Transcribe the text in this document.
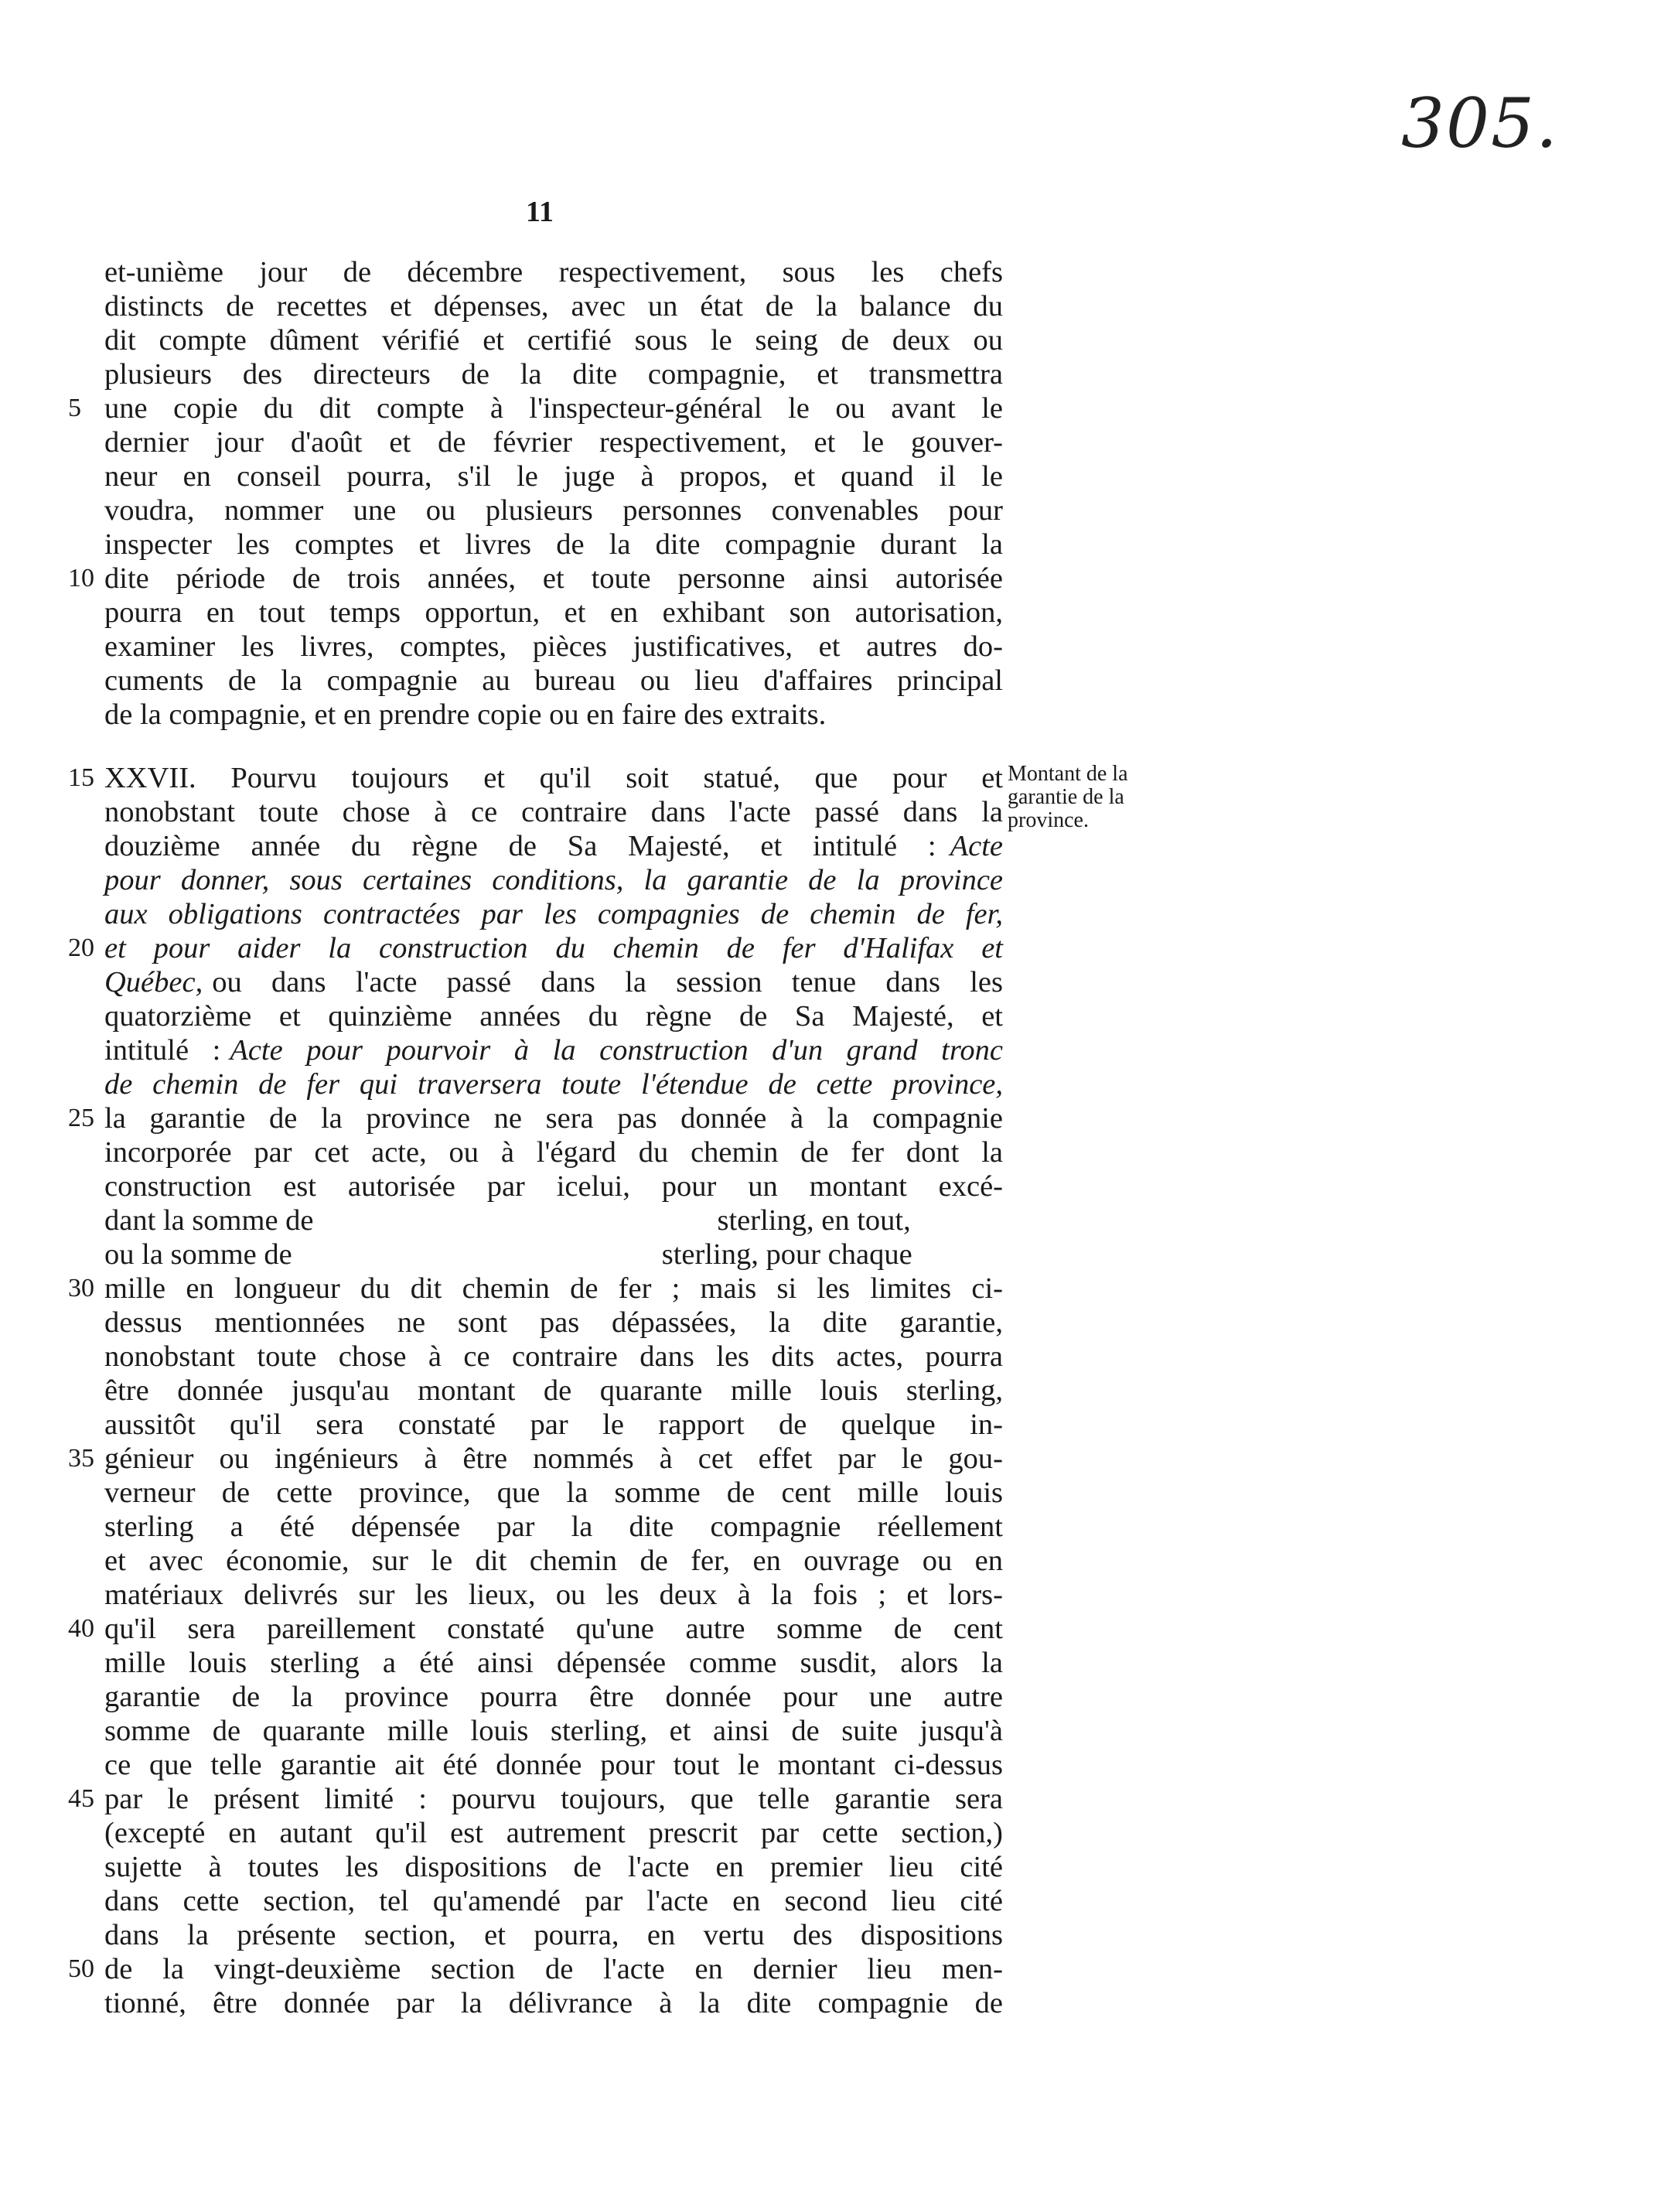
305.
11
et-unième jour de décembre respectivement, sous les chefs
distincts de recettes et dépenses, avec un état de la balance du
dit compte dûment vérifié et certifié sous le seing de deux ou
plusieurs des directeurs de la dite compagnie, et transmettra
une copie du dit compte à l'inspecteur-général le ou avant le
dernier jour d'août et de février respectivement, et le gouver-
neur en conseil pourra, s'il le juge à propos, et quand il le
voudra, nommer une ou plusieurs personnes convenables pour
inspecter les comptes et livres de la dite compagnie durant la
dite période de trois années, et toute personne ainsi autorisée
pourra en tout temps opportun, et en exhibant son autorisation,
examiner les livres, comptes, pièces justificatives, et autres do-
cuments de la compagnie au bureau ou lieu d'affaires principal
de la compagnie, et en prendre copie ou en faire des extraits.
5
10
XXVII. Pourvu toujours et qu'il soit statué, que pour et
nonobstant toute chose à ce contraire dans l'acte passé dans la
douzième année du règne de Sa Majesté, et intitulé : Acte
pour donner, sous certaines conditions, la garantie de la province
aux obligations contractées par les compagnies de chemin de fer,
et pour aider la construction du chemin de fer d'Halifax et
Québec, ou dans l'acte passé dans la session tenue dans les
quatorzième et quinzième années du règne de Sa Majesté, et
intitulé : Acte pour pourvoir à la construction d'un grand tronc
de chemin de fer qui traversera toute l'étendue de cette province,
la garantie de la province ne sera pas donnée à la compagnie
incorporée par cet acte, ou à l'égard du chemin de fer dont la
construction est autorisée par icelui, pour un montant excé-
dant la somme de	sterling, en tout,
ou la somme de	sterling, pour chaque
mille en longueur du dit chemin de fer ; mais si les limites ci-
dessus mentionnées ne sont pas dépassées, la dite garantie,
nonobstant toute chose à ce contraire dans les dits actes, pourra
être donnée jusqu'au montant de quarante mille louis sterling,
aussitôt qu'il sera constaté par le rapport de quelque in-
génieur ou ingénieurs à être nommés à cet effet par le gou-
verneur de cette province, que la somme de cent mille louis
sterling a été dépensée par la dite compagnie réellement
et avec économie, sur le dit chemin de fer, en ouvrage ou en
matériaux delivrés sur les lieux, ou les deux à la fois ; et lors-
qu'il sera pareillement constaté qu'une autre somme de cent
mille louis sterling a été ainsi dépensée comme susdit, alors la
garantie de la province pourra être donnée pour une autre
somme de quarante mille louis sterling, et ainsi de suite jusqu'à
ce que telle garantie ait été donnée pour tout le montant ci-dessus
par le présent limité : pourvu toujours, que telle garantie sera
(excepté en autant qu'il est autrement prescrit par cette section,)
sujette à toutes les dispositions de l'acte en premier lieu cité
dans cette section, tel qu'amendé par l'acte en second lieu cité
dans la présente section, et pourra, en vertu des dispositions
de la vingt-deuxième section de l'acte en dernier lieu men-
tionné, être donnée par la délivrance à la dite compagnie de
15
20
25
30
35
40
45
50
Montant de la
garantie de la
province.
